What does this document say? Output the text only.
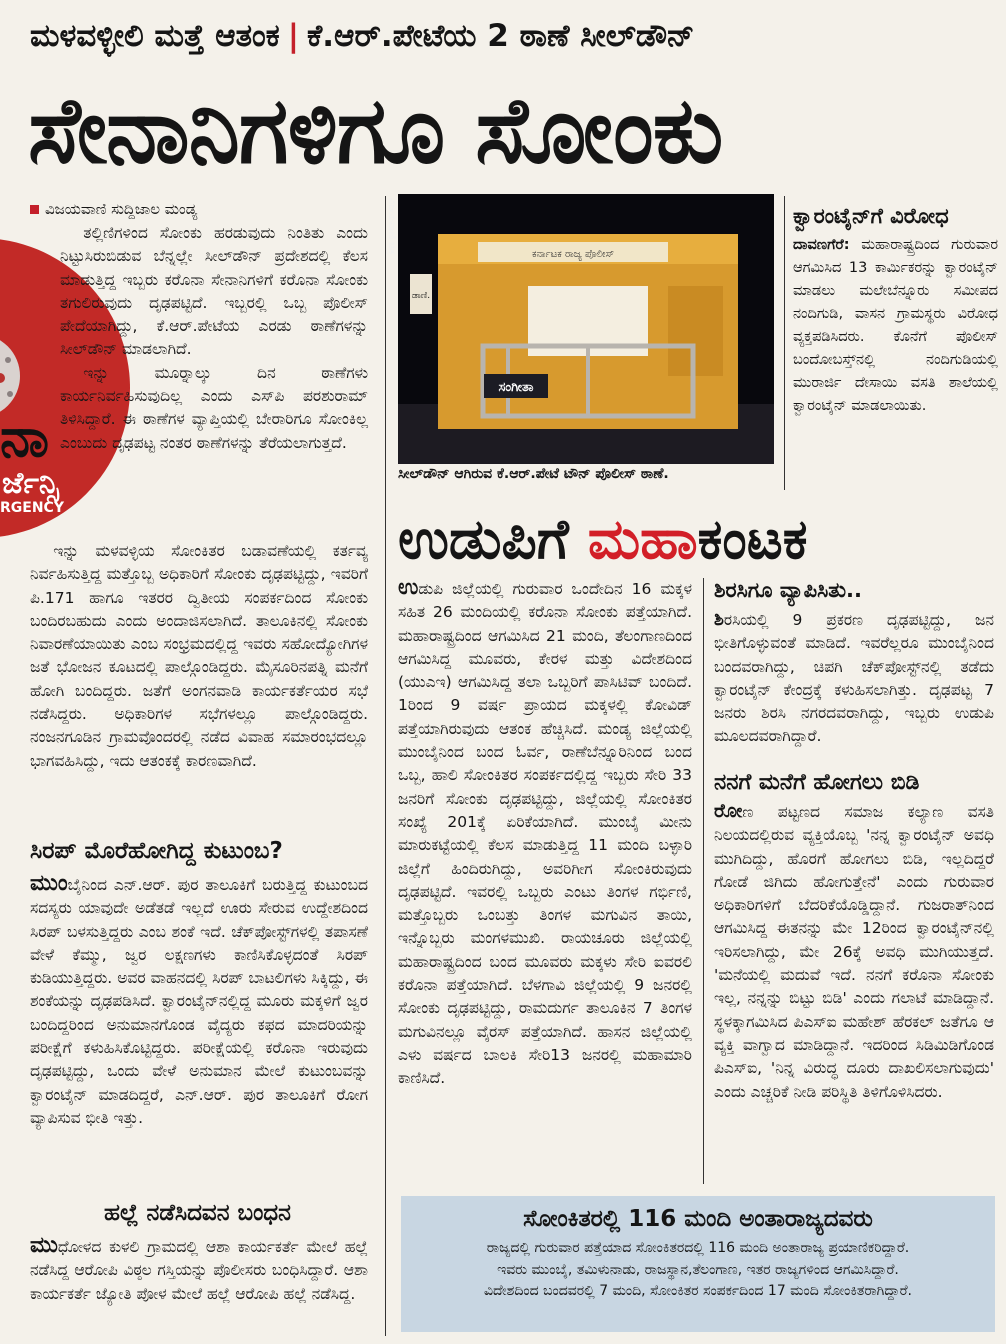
ಮಳವಳ್ಳೀಲಿ ಮತ್ತೆ ಆತಂಕ | ಕೆ.ಆರ್.ಪೇಟೆಯ 2 ಠಾಣೆ ಸೀಲ್‌ಡೌನ್
ಸೇನಾನಿಗಳಿಗೂ ಸೋಂಕು
ವಿಜಯವಾಣಿ ಸುದ್ದಿಜಾಲ ಮಂಡ್ಯ
ನಾ
ರ್ಜೆನ್ಸಿ
RGENCY

ತಲ್ಲಿಣಿಗಳಿಂದ ಸೋಂಕು ಹರಡುವುದು ನಿಂತಿತು ಎಂದು ನಿಟ್ಟುಸಿರುಬಿಡುವ ಬೆನ್ನಲ್ಲೇ ಸೀಲ್‌ಡೌನ್ ಪ್ರದೇಶದಲ್ಲಿ ಕೆಲಸ ಮಾಡುತ್ತಿದ್ದ ಇಬ್ಬರು ಕರೊನಾ ಸೇನಾನಿಗಳಿಗೆ ಕರೊನಾ ಸೋಂಕು ತಗುಲಿರುವುದು ದೃಢಪಟ್ಟಿದೆ. ಇಬ್ಬರಲ್ಲಿ ಒಬ್ಬ ಪೊಲೀಸ್ ಪೇದೆಯಾಗಿದ್ದು, ಕೆ.ಆರ್.ಪೇಟೆಯ ಎರಡು ಠಾಣೆಗಳನ್ನು ಸೀಲ್‌ಡೌನ್ ಮಾಡಲಾಗಿದೆ.

ಇನ್ನು ಮೂರ್‍ನಾಲ್ಕು ದಿನ ಠಾಣೆಗಳು ಕಾರ್ಯನಿರ್ವಹಿಸುವುದಿಲ್ಲ ಎಂದು ಎಸ್‌ಪಿ ಪರಶುರಾಮ್ ತಿಳಿಸಿದ್ದಾರೆ. ಈ ಠಾಣೆಗಳ ವ್ಯಾಪ್ತಿಯಲ್ಲಿ ಬೇರಾರಿಗೂ ಸೋಂಕಿಲ್ಲ ಎಂಬುದು ದೃಢಪಟ್ಟ ನಂತರ ಠಾಣೆಗಳನ್ನು ತೆರೆಯಲಾಗುತ್ತದೆ.

ಇನ್ನು ಮಳವಳ್ಳಿಯ ಸೋಂಕಿತರ ಬಡಾವಣೆಯಲ್ಲಿ ಕರ್ತವ್ಯ ನಿರ್ವಹಿಸುತ್ತಿದ್ದ ಮತ್ತೊಬ್ಬ ಅಧಿಕಾರಿಗೆ ಸೋಂಕು ದೃಢಪಟ್ಟಿದ್ದು, ಇವರಿಗೆ ಪಿ.171 ಹಾಗೂ ಇತರರ ದ್ವಿತೀಯ ಸಂಪರ್ಕದಿಂದ ಸೋಂಕು ಬಂದಿರಬಹುದು ಎಂದು ಅಂದಾಜಿಸಲಾಗಿದೆ. ತಾಲೂಕಿನಲ್ಲಿ ಸೋಂಕು ನಿವಾರಣೆಯಾಯಿತು ಎಂಬ ಸಂಭ್ರಮದಲ್ಲಿದ್ದ ಇವರು ಸಹೋದ್ಯೋಗಿಗಳ ಜತೆ ಭೋಜನ ಕೂಟದಲ್ಲಿ ಪಾಲ್ಗೊಂಡಿದ್ದರು. ಮೈಸೂರಿನಪತ್ನಿ ಮನೆಗೆ ಹೋಗಿ ಬಂದಿದ್ದರು. ಜತೆಗೆ ಅಂಗನವಾಡಿ ಕಾರ್ಯಕರ್ತೆಯರ ಸಭೆ ನಡೆಸಿದ್ದರು. ಅಧಿಕಾರಿಗಳ ಸಭೆಗಳಲ್ಲೂ ಪಾಲ್ಗೊಂಡಿದ್ದರು. ನಂಜನಗೂಡಿನ ಗ್ರಾಮವೊಂದರಲ್ಲಿ ನಡೆದ ವಿವಾಹ ಸಮಾರಂಭದಲ್ಲೂ ಭಾಗವಹಿಸಿದ್ದು, ಇದು ಆತಂಕಕ್ಕೆ ಕಾರಣವಾಗಿದೆ.

ಸಿರಪ್ ಮೊರೆಹೋಗಿದ್ದ ಕುಟುಂಬ?
ಮುಂಬೈನಿಂದ ಎನ್.ಆರ್. ಪುರ ತಾಲೂಕಿಗೆ ಬರುತ್ತಿದ್ದ ಕುಟುಂಬದ ಸದಸ್ಯರು ಯಾವುದೇ ಅಡೆತಡೆ ಇಲ್ಲದೆ ಊರು ಸೇರುವ ಉದ್ದೇಶದಿಂದ ಸಿರಪ್ ಬಳಸುತ್ತಿದ್ದರು ಎಂಬ ಶಂಕೆ ಇದೆ. ಚೆಕ್‌ಪೋಸ್ಟ್‌ಗಳಲ್ಲಿ ತಪಾಸಣೆ ವೇಳೆ ಕೆಮ್ಮು, ಜ್ವರ ಲಕ್ಷಣಗಳು ಕಾಣಿಸಿಕೊಳ್ಳದಂತೆ ಸಿರಪ್ ಕುಡಿಯುತ್ತಿದ್ದರು. ಅವರ ವಾಹನದಲ್ಲಿ ಸಿರಪ್ ಬಾಟಲಿಗಳು ಸಿಕ್ಕಿದ್ದು, ಈ ಶಂಕೆಯನ್ನು ದೃಢಪಡಿಸಿದೆ. ಕ್ವಾರಂಟೈನ್‌ನಲ್ಲಿದ್ದ ಮೂರು ಮಕ್ಕಳಿಗೆ ಜ್ವರ ಬಂದಿದ್ದರಿಂದ ಅನುಮಾನಗೊಂಡ ವೈದ್ಯರು ಕಫದ ಮಾದರಿಯನ್ನು ಪರೀಕ್ಷೆಗೆ ಕಳುಹಿಸಿಕೊಟ್ಟಿದ್ದರು. ಪರೀಕ್ಷೆಯಲ್ಲಿ ಕರೊನಾ ಇರುವುದು ದೃಢಪಟ್ಟಿದ್ದು, ಒಂದು ವೇಳೆ ಅನುಮಾನ ಮೇಲೆ ಕುಟುಂಬವನ್ನು ಕ್ವಾರಂಟೈನ್ ಮಾಡದಿದ್ದರೆ, ಎನ್.ಆರ್. ಪುರ ತಾಲೂಕಿಗೆ ರೋಗ ವ್ಯಾಪಿಸುವ ಭೀತಿ ಇತ್ತು.
ಹಲ್ಲೆ ನಡೆಸಿದವನ ಬಂಧನ
ಮುಧೋಳದ ಕುಳಲಿ ಗ್ರಾಮದಲ್ಲಿ ಆಶಾ ಕಾರ್ಯಕರ್ತೆ ಮೇಲೆ ಹಲ್ಲೆ ನಡೆಸಿದ್ದ ಆರೋಪಿ ವಿಠ್ಠಲ ಗಸ್ತಿಯನ್ನು ಪೊಲೀಸರು ಬಂಧಿಸಿದ್ದಾರೆ. ಆಶಾ ಕಾರ್ಯಕರ್ತೆ ಜ್ಯೋತಿ ಪೋಳ ಮೇಲೆ ಹಲ್ಲೆ ಆರೋಪಿ ಹಲ್ಲೆ ನಡೆಸಿದ್ದ.
ಕರ್ನಾಟಕ ರಾಜ್ಯ ಪೊಲೀಸ್
ಸಂಗೀತಾ
ಡಾಣಿ.
ವಿಜಯವಾಣಿ ಚಿತ್ರ
ಸೀಲ್‌ಡೌನ್ ಆಗಿರುವ ಕೆ.ಆರ್.ಪೇಟೆ ಟೌನ್ ಪೊಲೀಸ್ ಠಾಣೆ.
ಕ್ವಾರಂಟೈನ್‌ಗೆ ವಿರೋಧ
ದಾವಣಗೆರೆ: ಮಹಾರಾಷ್ಟ್ರದಿಂದ ಗುರುವಾರ ಆಗಮಿಸಿದ 13 ಕಾರ್ಮಿಕರನ್ನು ಕ್ವಾರಂಟೈನ್ ಮಾಡಲು ಮಲೇಬೆನ್ನೂರು ಸಮೀಪದ ನಂದಿಗುಡಿ, ವಾಸನ ಗ್ರಾಮಸ್ಥರು ವಿರೋಧ ವ್ಯಕ್ತಪಡಿಸಿದರು. ಕೊನೆಗೆ ಪೊಲೀಸ್ ಬಂದೋಬಸ್ತ್‌ನಲ್ಲಿ ನಂದಿಗುಡಿಯಲ್ಲಿ ಮುರಾರ್ಜಿ ದೇಸಾಯಿ ವಸತಿ ಶಾಲೆಯಲ್ಲಿ ಕ್ವಾರಂಟೈನ್ ಮಾಡಲಾಯಿತು.
ಉಡುಪಿಗೆ ಮಹಾಕಂಟಕ
ಉಡುಪಿ ಜಿಲ್ಲೆಯಲ್ಲಿ ಗುರುವಾರ ಒಂದೇದಿನ 16 ಮಕ್ಕಳ ಸಹಿತ 26 ಮಂದಿಯಲ್ಲಿ ಕರೊನಾ ಸೋಂಕು ಪತ್ತೆಯಾಗಿದೆ. ಮಹಾರಾಷ್ಟ್ರದಿಂದ ಆಗಮಿಸಿದ 21 ಮಂದಿ, ತೆಲಂಗಾಣದಿಂದ ಆಗಮಿಸಿದ್ದ ಮೂವರು, ಕೇರಳ ಮತ್ತು ವಿದೇಶದಿಂದ (ಯುಎಇ) ಆಗಮಿಸಿದ್ದ ತಲಾ ಒಬ್ಬರಿಗೆ ಪಾಸಿಟಿವ್ ಬಂದಿದೆ. 1ರಿಂದ 9 ವರ್ಷ ಪ್ರಾಯದ ಮಕ್ಕಳಲ್ಲಿ ಕೋವಿಡ್ ಪತ್ತೆಯಾಗಿರುವುದು ಆತಂಕ ಹೆಚ್ಚಿಸಿದೆ. ಮಂಡ್ಯ ಜಿಲ್ಲೆಯಲ್ಲಿ ಮುಂಬೈನಿಂದ ಬಂದ ಓರ್ವ, ರಾಣೆಬೆನ್ನೂರಿನಿಂದ ಬಂದ ಒಬ್ಬ, ಹಾಲಿ ಸೋಂಕಿತರ ಸಂಪರ್ಕದಲ್ಲಿದ್ದ ಇಬ್ಬರು ಸೇರಿ 33 ಜನರಿಗೆ ಸೋಂಕು ದೃಢಪಟ್ಟಿದ್ದು, ಜಿಲ್ಲೆಯಲ್ಲಿ ಸೋಂಕಿತರ ಸಂಖ್ಯೆ 201ಕ್ಕೆ ಏರಿಕೆಯಾಗಿದೆ. ಮುಂಬೈ ಮೀನು ಮಾರುಕಟ್ಟೆಯಲ್ಲಿ ಕೆಲಸ ಮಾಡುತ್ತಿದ್ದ 11 ಮಂದಿ ಬಳ್ಳಾರಿ ಜಿಲ್ಲೆಗೆ ಹಿಂದಿರುಗಿದ್ದು, ಅವರಿಗೀಗ ಸೋಂಕಿರುವುದು ದೃಢಪಟ್ಟಿದೆ. ಇವರಲ್ಲಿ ಒಬ್ಬರು ಎಂಟು ತಿಂಗಳ ಗರ್ಭಿಣಿ, ಮತ್ತೊಬ್ಬರು ಒಂಬತ್ತು ತಿಂಗಳ ಮಗುವಿನ ತಾಯಿ, ಇನ್ನೊಬ್ಬರು ಮಂಗಳಮುಖಿ. ರಾಯಚೂರು ಜಿಲ್ಲೆಯಲ್ಲಿ ಮಹಾರಾಷ್ಟ್ರದಿಂದ ಬಂದ ಮೂವರು ಮಕ್ಕಳು ಸೇರಿ ಐವರಲಿ ಕರೊನಾ ಪತ್ತೆಯಾಗಿದೆ. ಬೆಳಗಾವಿ ಜಿಲ್ಲೆಯಲ್ಲಿ 9 ಜನರಲ್ಲಿ ಸೋಂಕು ದೃಢಪಟ್ಟಿದ್ದು, ರಾಮದುರ್ಗ ತಾಲೂಕಿನ 7 ತಿಂಗಳ ಮಗುವಿನಲ್ಲೂ ವೈರಸ್ ಪತ್ತೆಯಾಗಿದೆ. ಹಾಸನ ಜಿಲ್ಲೆಯಲ್ಲಿ ಎಳು ವರ್ಷದ ಬಾಲಕಿ ಸೇರಿ13 ಜನರಲ್ಲಿ ಮಹಾಮಾರಿ ಕಾಣಿಸಿದೆ.
ಶಿರಸಿಗೂ ವ್ಯಾಪಿಸಿತು..
ಶಿರಸಿಯಲ್ಲಿ 9 ಪ್ರಕರಣ ದೃಢಪಟ್ಟಿದ್ದು, ಜನ ಭೀತಿಗೊಳ್ಳುವಂತೆ ಮಾಡಿದೆ. ಇವರೆಲ್ಲರೂ ಮುಂಬೈನಿಂದ ಬಂದವರಾಗಿದ್ದು, ಚಿಪಗಿ ಚೆಕ್‌ಪೋಸ್ಟ್‌ನಲ್ಲಿ ತಡೆದು ಕ್ವಾರಂಟೈನ್ ಕೇಂದ್ರಕ್ಕೆ ಕಳುಹಿಸಲಾಗಿತ್ತು. ದೃಢಪಟ್ಟ 7 ಜನರು ಶಿರಸಿ ನಗರದವರಾಗಿದ್ದು, ಇಬ್ಬರು ಉಡುಪಿ ಮೂಲದವರಾಗಿದ್ದಾರೆ.
ನನಗೆ ಮನೆಗೆ ಹೋಗಲು ಬಿಡಿ
ರೋಣ ಪಟ್ಟಣದ ಸಮಾಜ ಕಲ್ಯಾಣ ವಸತಿ ನಿಲಯದಲ್ಲಿರುವ ವ್ಯಕ್ತಿಯೊಬ್ಬ 'ನನ್ನ ಕ್ವಾರಂಟೈನ್ ಅವಧಿ ಮುಗಿದಿದ್ದು, ಹೊರಗೆ ಹೋಗಲು ಬಿಡಿ, ಇಲ್ಲದಿದ್ದರೆ ಗೋಡೆ ಜಿಗಿದು ಹೋಗುತ್ತೇನೆ' ಎಂದು ಗುರುವಾರ ಅಧಿಕಾರಿಗಳಿಗೆ ಬೆದರಿಕೆಯೊಡ್ಡಿದ್ದಾನೆ. ಗುಜರಾತ್‌ನಿಂದ ಆಗಮಿಸಿದ್ದ ಈತನನ್ನು ಮೇ 12ರಿಂದ ಕ್ವಾರಂಟೈನ್‌ನಲ್ಲಿ ಇರಿಸಲಾಗಿದ್ದು, ಮೇ 26ಕ್ಕೆ ಅವಧಿ ಮುಗಿಯುತ್ತದೆ. 'ಮನೆಯಲ್ಲಿ ಮದುವೆ ಇದೆ. ನನಗೆ ಕರೊನಾ ಸೋಂಕು ಇಲ್ಲ, ನನ್ನನ್ನು ಬಿಟ್ಟು ಬಿಡಿ' ಎಂದು ಗಲಾಟೆ ಮಾಡಿದ್ದಾನೆ. ಸ್ಥಳಕ್ಕಾಗಮಿಸಿದ ಪಿಎಸ್‌ಐ ಮಹೇಶ್ ಹೆರಕಲ್ ಜತೆಗೂ ಆ ವ್ಯಕ್ತಿ ವಾಗ್ವಾದ ಮಾಡಿದ್ದಾನೆ. ಇದರಿಂದ ಸಿಡಿಮಿಡಿಗೊಂಡ ಪಿಎಸ್‌ಐ, 'ನಿನ್ನ ವಿರುದ್ಧ ದೂರು ದಾಖಲಿಸಲಾಗುವುದು' ಎಂದು ಎಚ್ಚರಿಕೆ ನೀಡಿ ಪರಿಸ್ಥಿತಿ ತಿಳಿಗೊಳಿಸಿದರು.
ಸೋಂಕಿತರಲ್ಲಿ 116 ಮಂದಿ ಅಂತಾರಾಜ್ಯದವರು
ರಾಜ್ಯದಲ್ಲಿ ಗುರುವಾರ ಪತ್ತೆಯಾದ ಸೋಂಕಿತರದಲ್ಲಿ 116 ಮಂದಿ ಅಂತಾರಾಜ್ಯ ಪ್ರಯಾಣಿಕರಿದ್ದಾರೆ.
ಇವರು ಮುಂಬೈ, ತಮಿಳುನಾಡು, ರಾಜಸ್ಥಾನ,ತೆಲಂಗಾಣ, ಇತರ ರಾಜ್ಯಗಳಿಂದ ಆಗಮಿಸಿದ್ದಾರೆ.
ವಿದೇಶದಿಂದ ಬಂದವರಲ್ಲಿ 7 ಮಂದಿ, ಸೋಂಕಿತರ ಸಂಪರ್ಕದಿಂದ 17 ಮಂದಿ ಸೋಂಕಿತರಾಗಿದ್ದಾರೆ.
